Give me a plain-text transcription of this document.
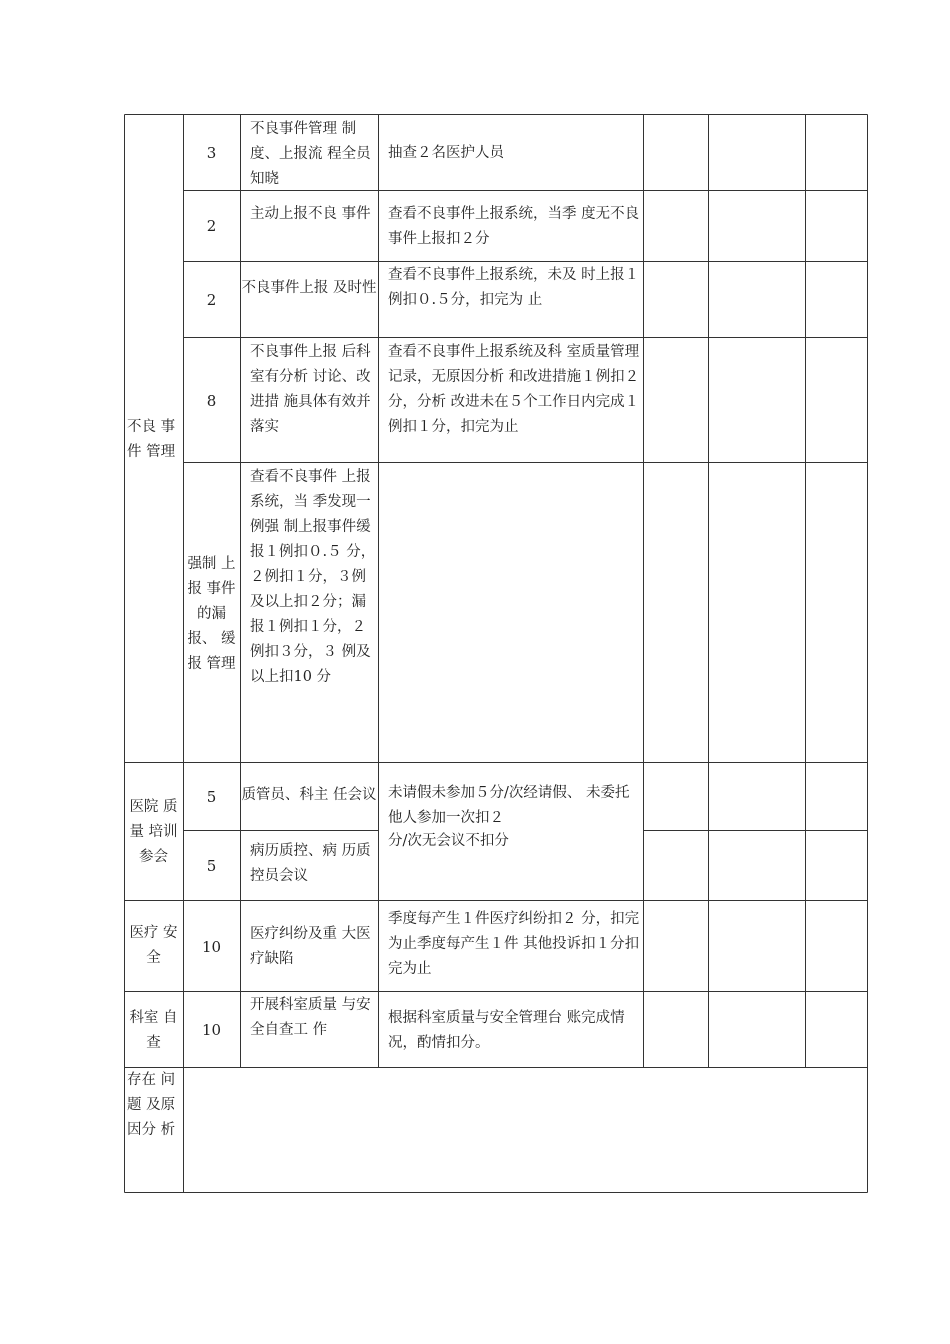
不良 事 件 管理
医院 质 量 培训 参会
医疗 安 全
科室 自 查
存在 问 题 及原 因分 析
3
不良事件管理 制度、上报流 程全员知晓
抽查２名医护人员
2
主动上报不良 事件	查看不良事件上报系统，当季 度无不良事件上报扣２分
2
不良事件上报 及时性
查看不良事件上报系统，未及 时上报１例扣０.５分，扣完为 止
8
不良事件上报 后科室有分析 讨论、改进措 施具体有效并 落实
查看不良事件上报系统及科 室质量管理记录，无原因分析 和改进措施１例扣２分，分析 改进未在５个工作日内完成１ 例扣１分，扣完为止
强制 上报 事件的漏报、 缓报 管理
查看不良事件 上报系统，当 季发现一例强 制上报事件缓 报１例扣０.５ 分，２例扣１分，３例及以上扣２分；漏报１例扣１分，２ 例扣３分，３ 例及以上扣10 分
5	质管员、科主 任会议 未请假未参加５分/次经请假、 未委托他人参加一次扣２
5
病历质控、病 历质控员会议
分/次无会议不扣分
10
医疗纠纷及重 大医疗缺陷
季度每产生１件医疗纠纷扣２ 分，扣完为止季度每产生１件 其他投诉扣１分扣完为止
10
开展科室质量 与安全自查工 作
根据科室质量与安全管理台 账完成情况，酌情扣分。
